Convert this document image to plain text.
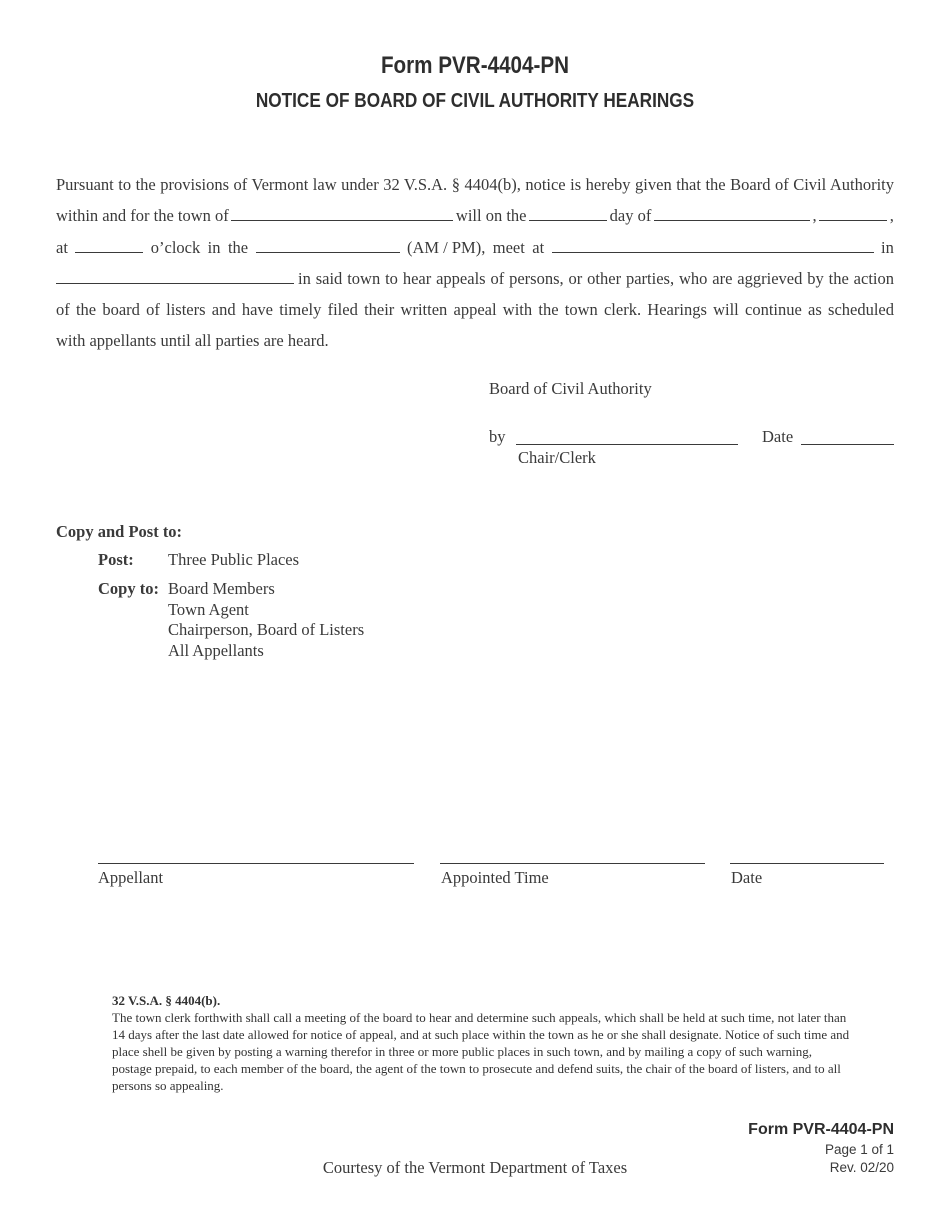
Form PVR-4404-PN
NOTICE OF BOARD OF CIVIL AUTHORITY HEARINGS
Pursuant to the provisions of Vermont law under 32 V.S.A. § 4404(b), notice is hereby given that the Board of Civil Authority
within and for the town of	will on the	day of	,	,
at	o’clock in the	(AM / PM), meet at	in
in said town to hear appeals of persons, or other parties, who are aggrieved by the action
of the board of listers and have timely filed their written appeal with the town clerk. Hearings will continue as scheduled
with appellants until all parties are heard.
Board of Civil Authority
by	Date
Chair/Clerk
Copy and Post to:
Post: Three Public Places
Copy to: Board Members
Town Agent
Chairperson, Board of Listers
All Appellants
Appellant	Appointed Time	Date
32 V.S.A. § 4404(b).
The town clerk forthwith shall call a meeting of the board to hear and determine such appeals, which shall be held at such time, not later than 14 days after the last date allowed for notice of appeal, and at such place within the town as he or she shall designate. Notice of such time and place shell be given by posting a warning therefor in three or more public places in such town, and by mailing a copy of such warning, postage prepaid, to each member of the board, the agent of the town to prosecute and defend suits, the chair of the board of listers, and to all persons so appealing.
Form PVR-4404-PN
Page 1 of 1
Rev. 02/20
Courtesy of the Vermont Department of Taxes
